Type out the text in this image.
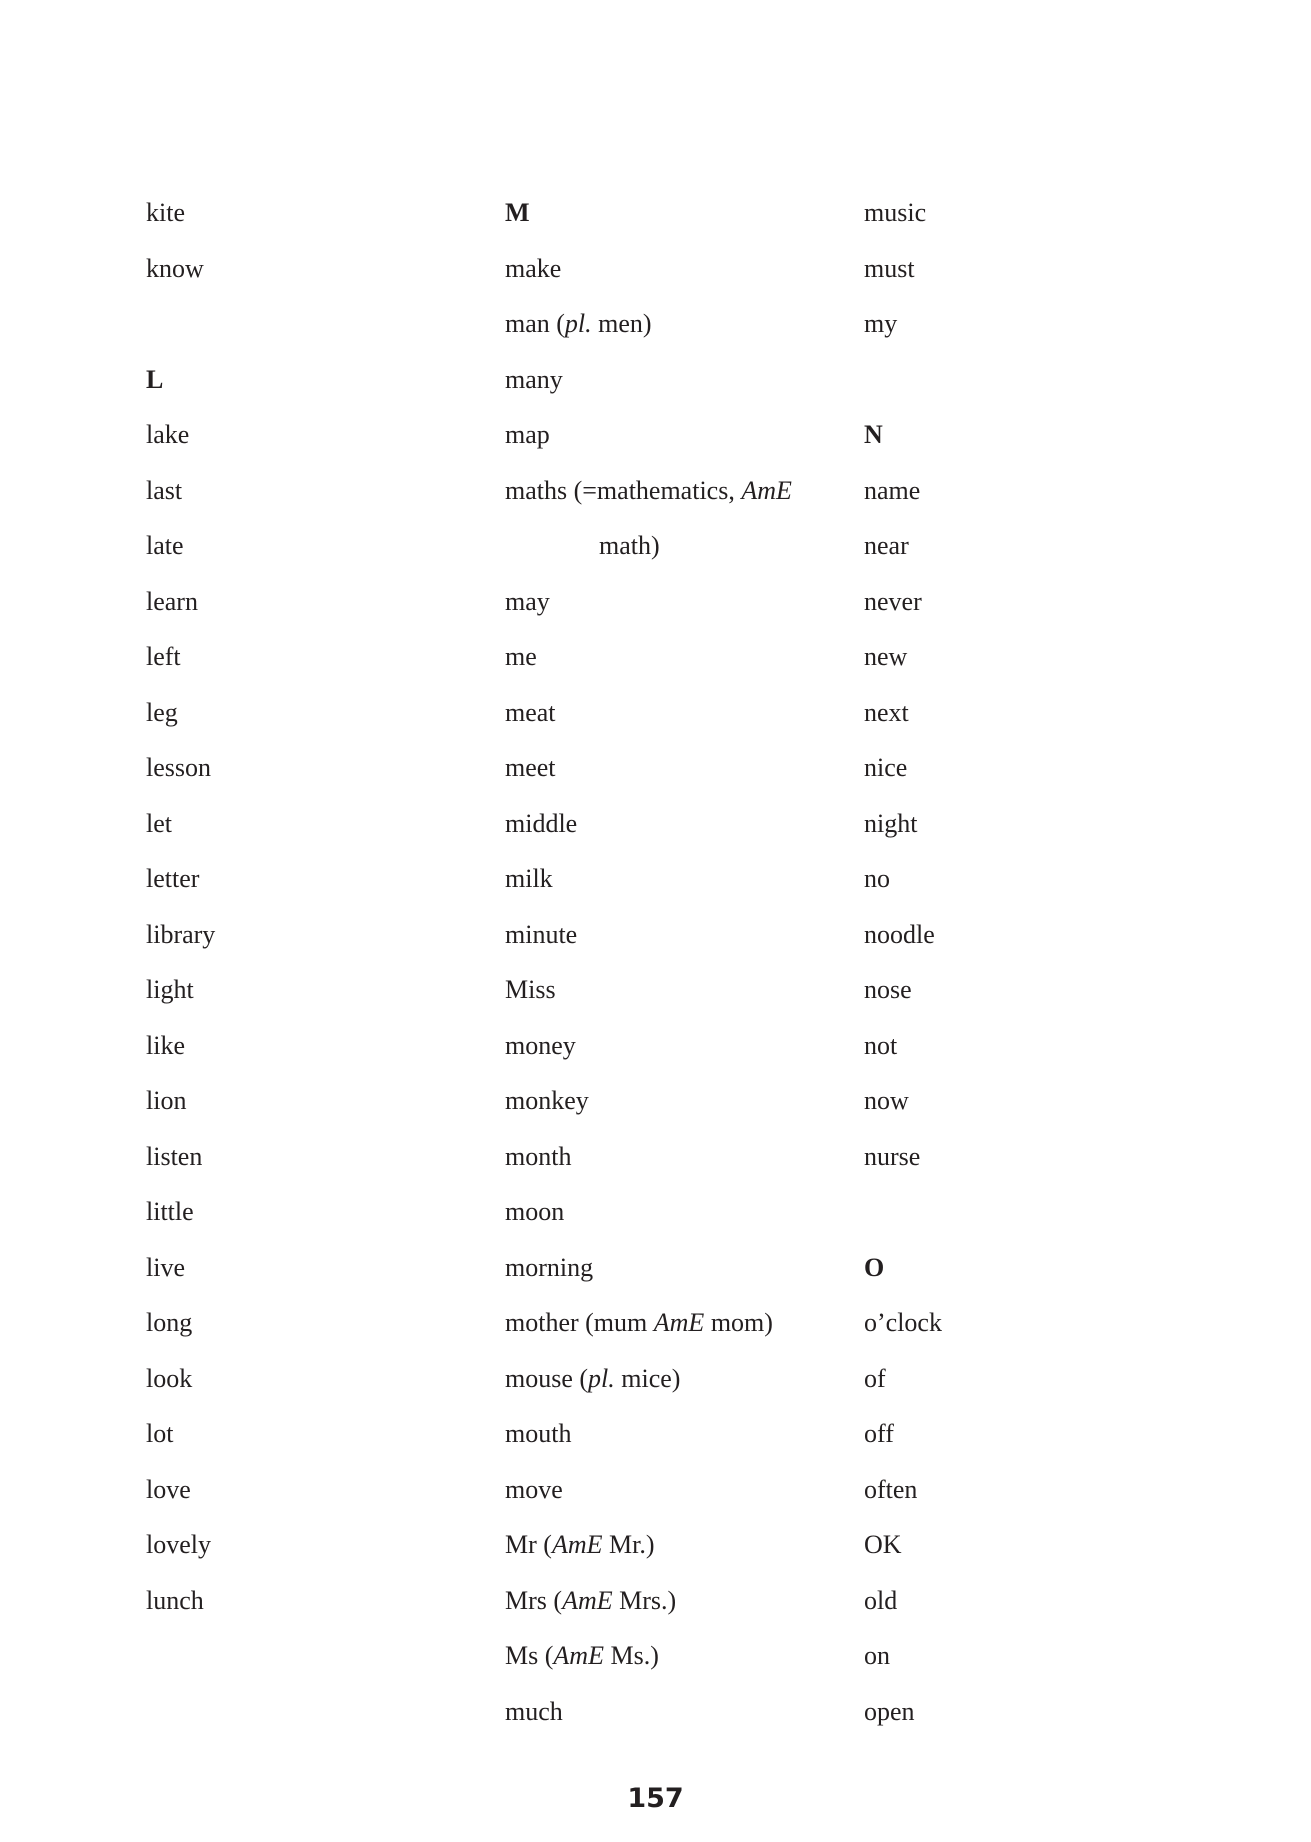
kite
know
L
lake
last
late
learn
left
leg
lesson
let
letter
library
light
like
lion
listen
little
live
long
look
lot
love
lovely
lunch
M
make
man (pl. men)
many
map
maths (=mathematics, AmE
math)
may
me
meat
meet
middle
milk
minute
Miss
money
monkey
month
moon
morning
mother (mum AmE mom)
mouse (pl. mice)
mouth
move
Mr (AmE Mr.)
Mrs (AmE Mrs.)
Ms (AmE Ms.)
much
music
must
my
N
name
near
never
new
next
nice
night
no
noodle
nose
not
now
nurse
O
o’clock
of
off
often
OK
old
on
open
157
